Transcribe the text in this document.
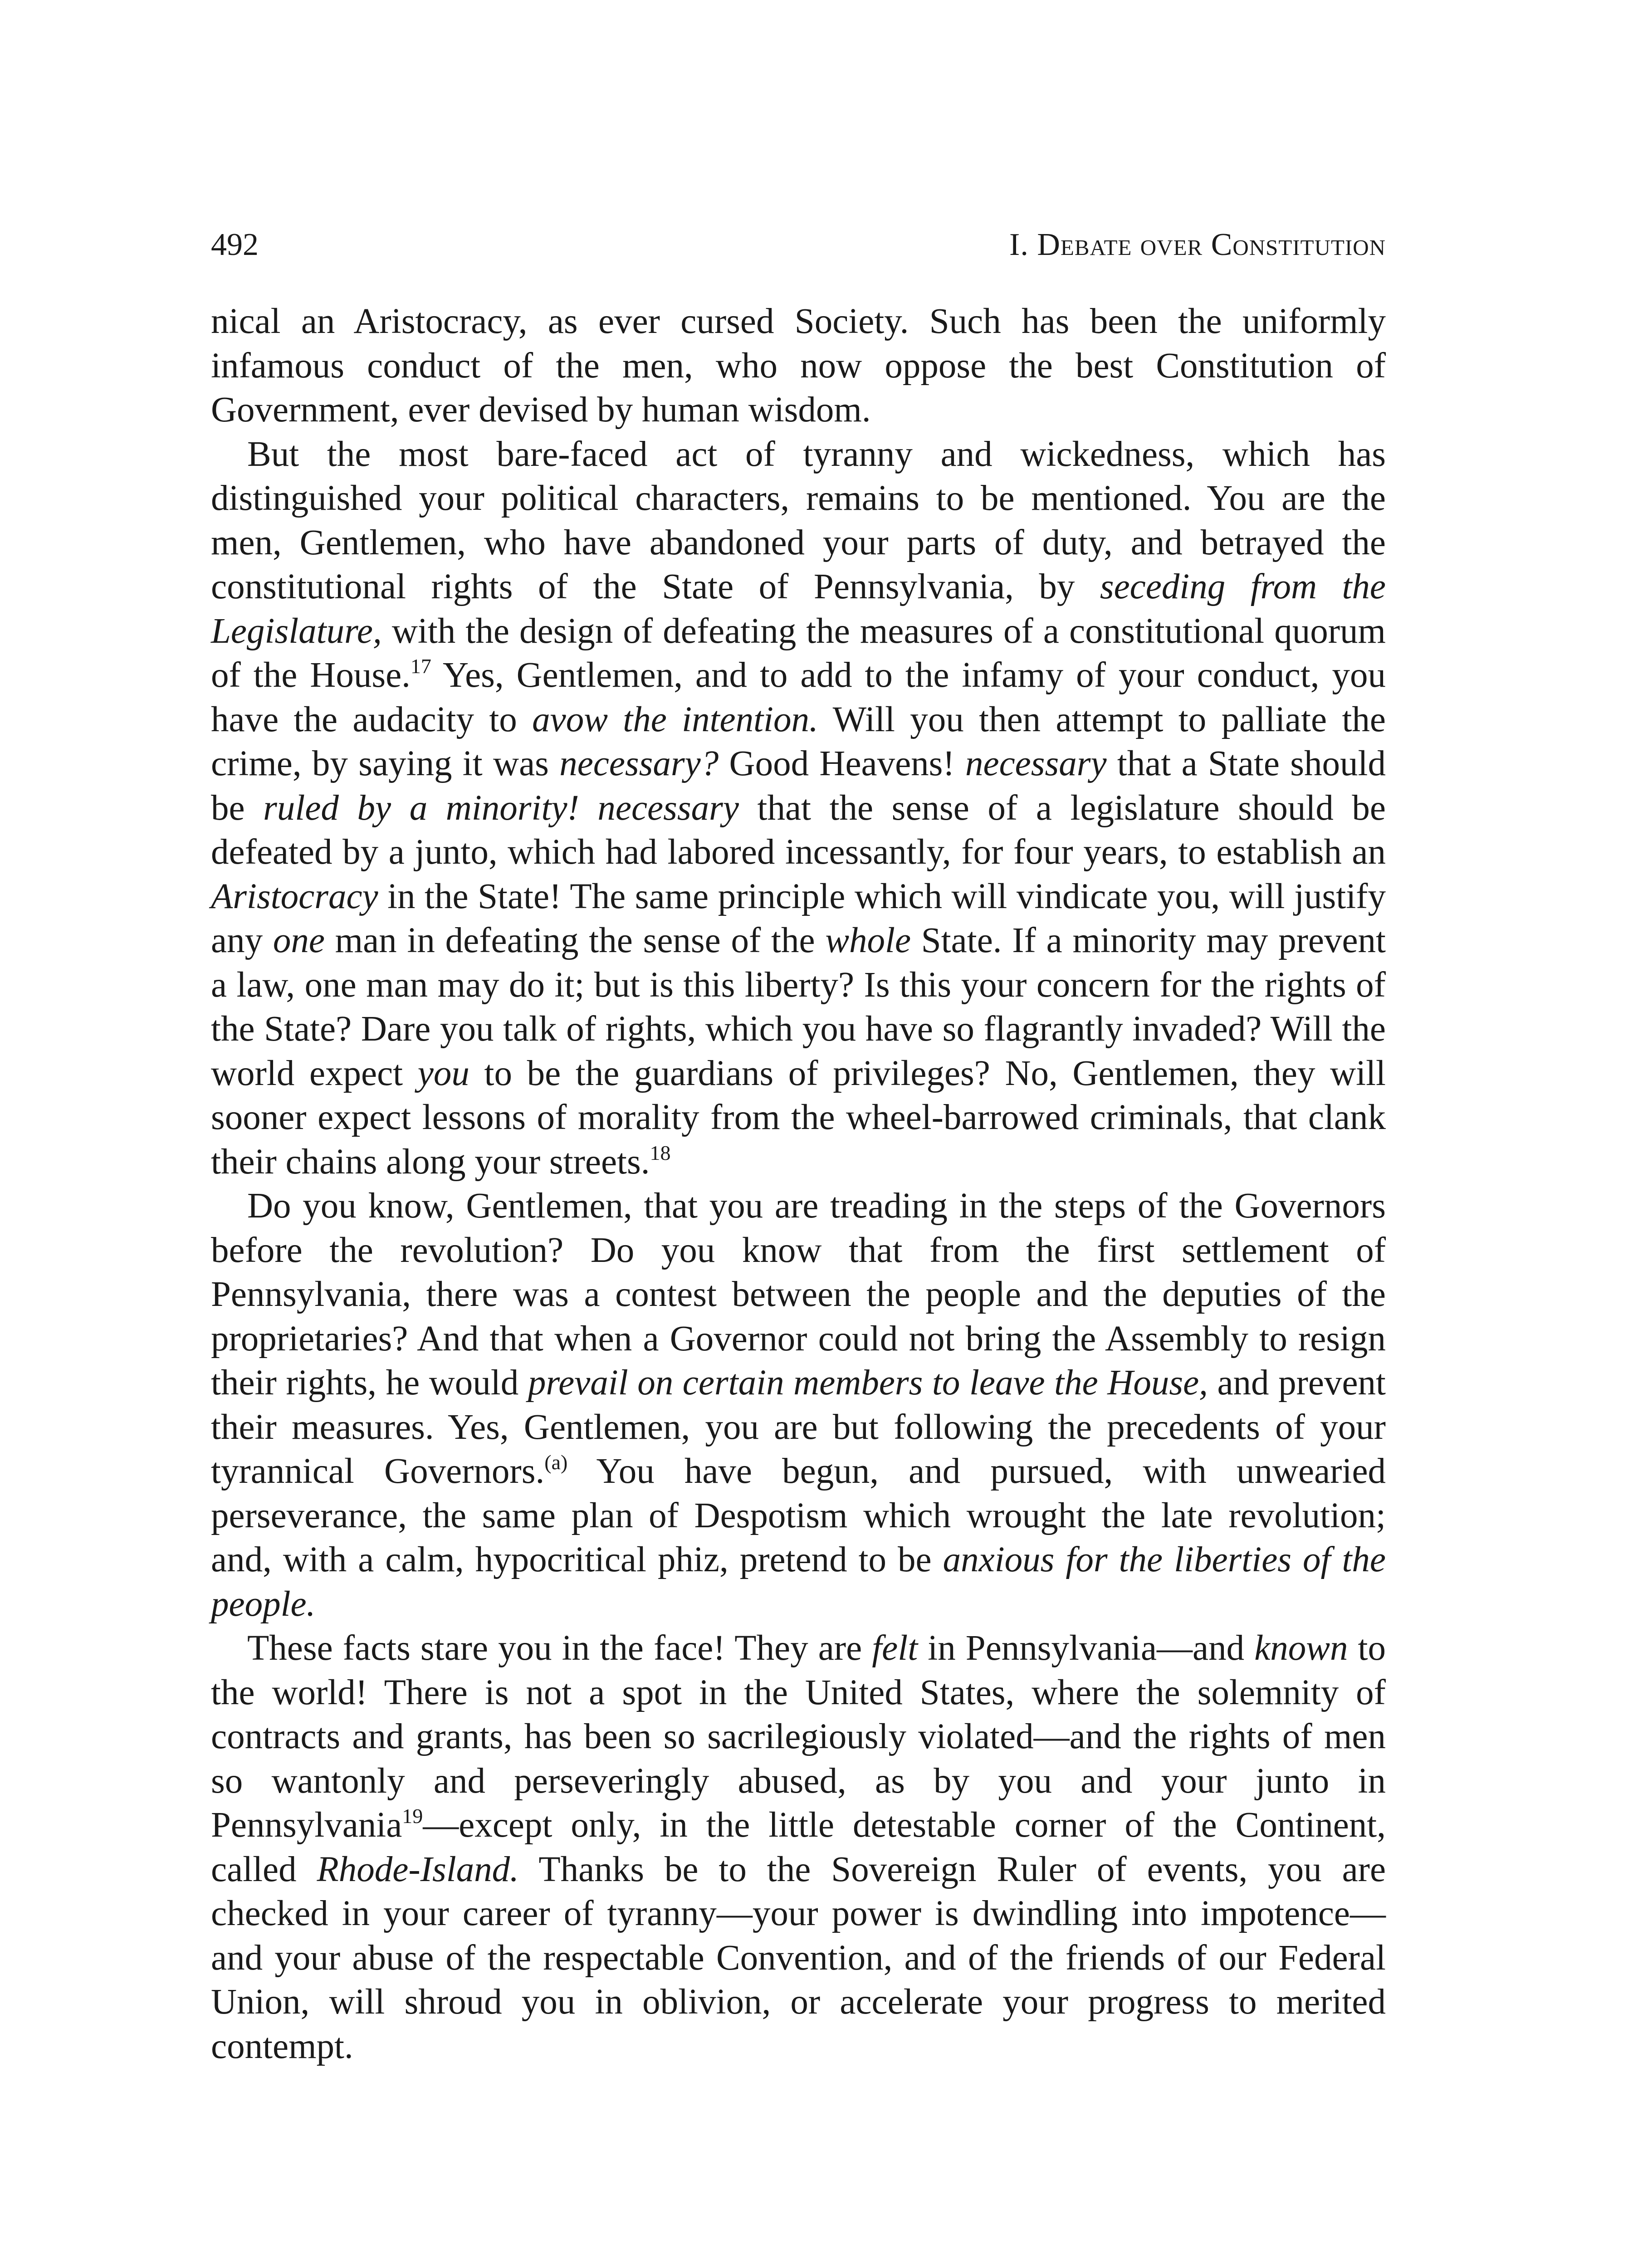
492	I. Debate over Constitution

nical an Aristocracy, as ever cursed Society. Such has been the uniformly infamous conduct of the men, who now oppose the best Constitution of Government, ever devised by human wisdom.

But the most bare-faced act of tyranny and wickedness, which has distinguished your political characters, remains to be mentioned. You are the men, Gentlemen, who have abandoned your parts of duty, and betrayed the constitutional rights of the State of Pennsylvania, by seceding from the Legislature, with the design of defeating the measures of a constitutional quorum of the House.$^{17}$ Yes, Gentlemen, and to add to the infamy of your conduct, you have the audacity to avow the intention. Will you then attempt to palliate the crime, by saying it was necessary? Good Heavens! necessary that a State should be ruled by a minority! necessary that the sense of a legislature should be defeated by a junto, which had labored incessantly, for four years, to establish an Aristocracy in the State! The same principle which will vindicate you, will justify any one man in defeating the sense of the whole State. If a minority may prevent a law, one man may do it; but is this liberty? Is this your concern for the rights of the State? Dare you talk of rights, which you have so flagrantly invaded? Will the world expect you to be the guardians of privileges? No, Gentlemen, they will sooner expect lessons of morality from the wheel-barrowed criminals, that clank their chains along your streets.$^{18}$

Do you know, Gentlemen, that you are treading in the steps of the Governors before the revolution? Do you know that from the first settlement of Pennsylvania, there was a contest between the people and the deputies of the proprietaries? And that when a Governor could not bring the Assembly to resign their rights, he would prevail on certain members to leave the House, and prevent their measures. Yes, Gentlemen, you are but following the precedents of your tyrannical Governors.$^{(a)}$ You have begun, and pursued, with unwearied perseverance, the same plan of Despotism which wrought the late revolution; and, with a calm, hypocritical phiz, pretend to be anxious for the liberties of the people.

These facts stare you in the face! They are felt in Pennsylvania—and known to the world! There is not a spot in the United States, where the solemnity of contracts and grants, has been so sacrilegiously violated—and the rights of men so wantonly and perseveringly abused, as by you and your junto in Pennsylvania$^{19}$—except only, in the little detestable corner of the Continent, called Rhode-Island. Thanks be to the Sovereign Ruler of events, you are checked in your career of tyranny—your power is dwindling into impotence—and your abuse of the respectable Convention, and of the friends of our Federal Union, will shroud you in oblivion, or accelerate your progress to merited contempt.
